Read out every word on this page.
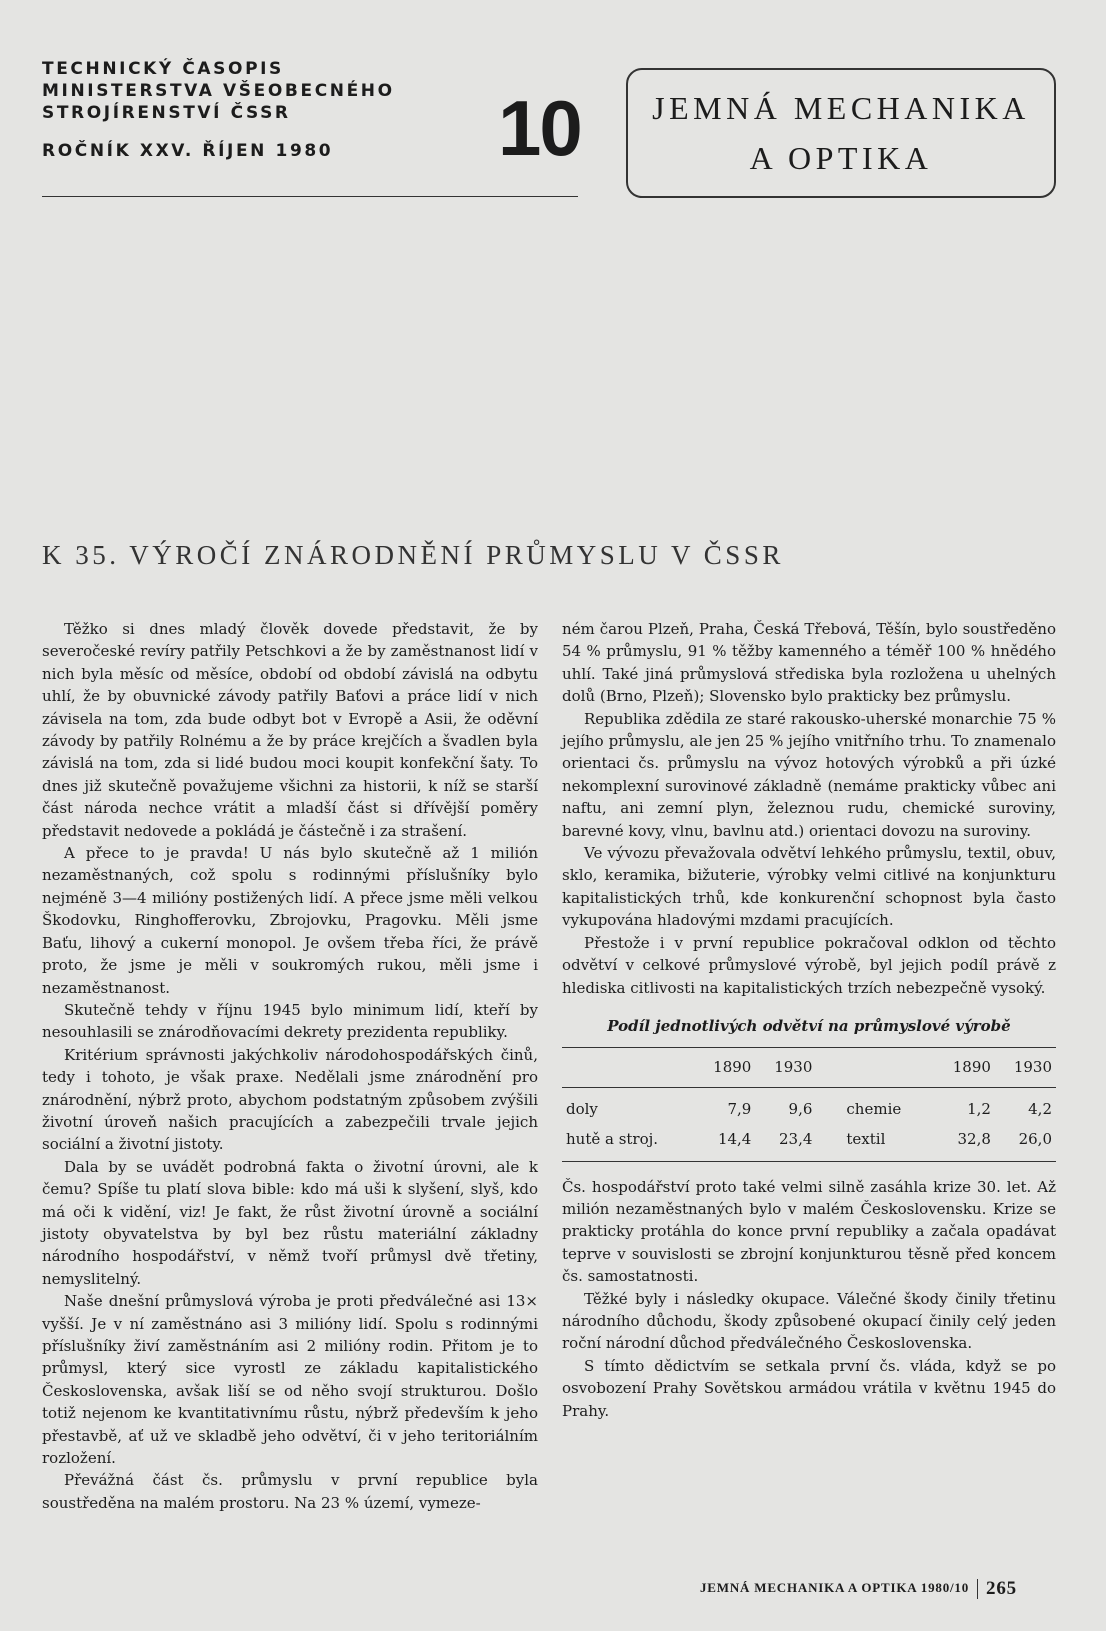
TECHNICKÝ ČASOPIS
MINISTERSTVA VŠEOBECNÉHO
STROJÍRENSTVÍ ČSSR
ROČNÍK XXV. ŘÍJEN 1980	10 JEMNÁ MECHANIKA
A OPTIKA
K 35. VÝROČÍ ZNÁRODNĚNÍ PRŮMYSLU V ČSSR

Těžko si dnes mladý člověk dovede představit, že by severočeské revíry patřily Petschkovi a že by zaměstnanost lidí v nich byla měsíc od měsíce, období od období závislá na odbytu uhlí, že by obuvnické závody patřily Baťovi a práce lidí v nich závisela na tom, zda bude odbyt bot v Evropě a Asii, že oděvní závody by patřily Rolnému a že by práce krejčích a švadlen byla závislá na tom, zda si lidé budou moci koupit konfekční šaty. To dnes již skutečně považujeme všichni za historii, k níž se starší část národa nechce vrátit a mladší část si dřívější poměry představit nedovede a pokládá je částečně i za strašení.

A přece to je pravda! U nás bylo skutečně až 1 milión nezaměstnaných, což spolu s rodinnými příslušníky bylo nejméně 3—4 milióny postižených lidí. A přece jsme měli velkou Škodovku, Ringhofferovku, Zbrojovku, Pragovku. Měli jsme Baťu, lihový a cukerní monopol. Je ovšem třeba říci, že právě proto, že jsme je měli v soukromých rukou, měli jsme i nezaměstnanost.

Skutečně tehdy v říjnu 1945 bylo minimum lidí, kteří by nesouhlasili se znárodňovacími dekrety prezidenta republiky.

Kritérium správnosti jakýchkoliv národohospodářských činů, tedy i tohoto, je však praxe. Nedělali jsme znárodnění pro znárodnění, nýbrž proto, abychom podstatným způsobem zvýšili životní úroveň našich pracujících a zabezpečili trvale jejich sociální a životní jistoty.

Dala by se uvádět podrobná fakta o životní úrovni, ale k čemu? Spíše tu platí slova bible: kdo má uši k slyšení, slyš, kdo má oči k vidění, viz! Je fakt, že růst životní úrovně a sociální jistoty obyvatelstva by byl bez růstu materiální základny národního hospodářství, v němž tvoří průmysl dvě třetiny, nemyslitelný.

Naše dnešní průmyslová výroba je proti předválečné asi 13× vyšší. Je v ní zaměstnáno asi 3 milióny lidí. Spolu s rodinnými příslušníky živí zaměstnáním asi 2 milióny rodin. Přitom je to průmysl, který sice vyrostl ze základu kapitalistického Československa, avšak liší se od něho svojí strukturou. Došlo totiž nejenom ke kvantitativnímu růstu, nýbrž především k jeho přestavbě, ať už ve skladbě jeho odvětví, či v jeho teritoriálním rozložení.

Převážná část čs. průmyslu v první republice byla soustředěna na malém prostoru. Na 23 % území, vymeze-

ném čarou Plzeň, Praha, Česká Třebová, Těšín, bylo soustředěno 54 % průmyslu, 91 % těžby kamenného a téměř 100 % hnědého uhlí. Také jiná průmyslová střediska byla rozložena u uhelných dolů (Brno, Plzeň); Slovensko bylo prakticky bez průmyslu.

Republika zdědila ze staré rakousko-uherské monarchie 75 % jejího průmyslu, ale jen 25 % jejího vnitřního trhu. To znamenalo orientaci čs. průmyslu na vývoz hotových výrobků a při úzké nekomplexní surovinové základně (nemáme prakticky vůbec ani naftu, ani zemní plyn, železnou rudu, chemické suroviny, barevné kovy, vlnu, bavlnu atd.) orientaci dovozu na suroviny.

Ve vývozu převažovala odvětví lehkého průmyslu, textil, obuv, sklo, keramika, bižuterie, výrobky velmi citlivé na konjunkturu kapitalistických trhů, kde konkurenční schopnost byla často vykupována hladovými mzdami pracujících.

Přestože i v první republice pokračoval odklon od těchto odvětví v celkové průmyslové výrobě, byl jejich podíl právě z hlediska citlivosti na kapitalistických trzích nebezpečně vysoký.

Podíl jednotlivých odvětví na průmyslové výrobě
	1890	1930		1890	1930
doly	7,9	9,6	chemie	1,2	4,2
hutě a stroj.	14,4	23,4	textil	32,8	26,0

Čs. hospodářství proto také velmi silně zasáhla krize 30. let. Až milión nezaměstnaných bylo v malém Československu. Krize se prakticky protáhla do konce první republiky a začala opadávat teprve v souvislosti se zbrojní konjunkturou těsně před koncem čs. samostatnosti.

Těžké byly i následky okupace. Válečné škody činily třetinu národního důchodu, škody způsobené okupací činily celý jeden roční národní důchod předválečného Československa.

S tímto dědictvím se setkala první čs. vláda, když se po osvobození Prahy Sovětskou armádou vrátila v květnu 1945 do Prahy.

JEMNÁ MECHANIKA A OPTIKA 1980/10 265
